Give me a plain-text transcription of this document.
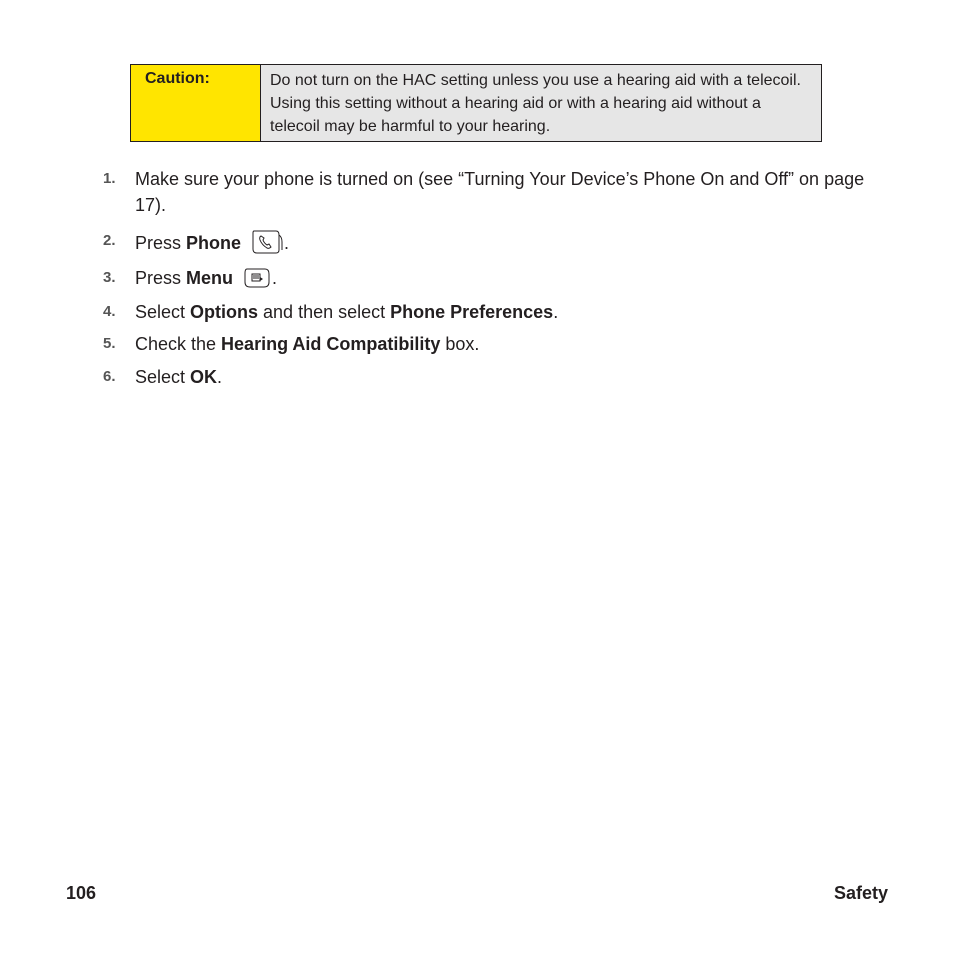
Caution:	Do not turn on the HAC setting unless you use a hearing aid with a telecoil. Using this setting without a hearing aid or with a hearing aid without a telecoil may be harmful to your hearing.
1. Make sure your phone is turned on (see “Turning Your Device’s Phone On and Off” on page 17).
2. Press Phone .
3. Press Menu .
4. Select Options and then select Phone Preferences.
5. Check the Hearing Aid Compatibility box.
6. Select OK.
106	Safety
